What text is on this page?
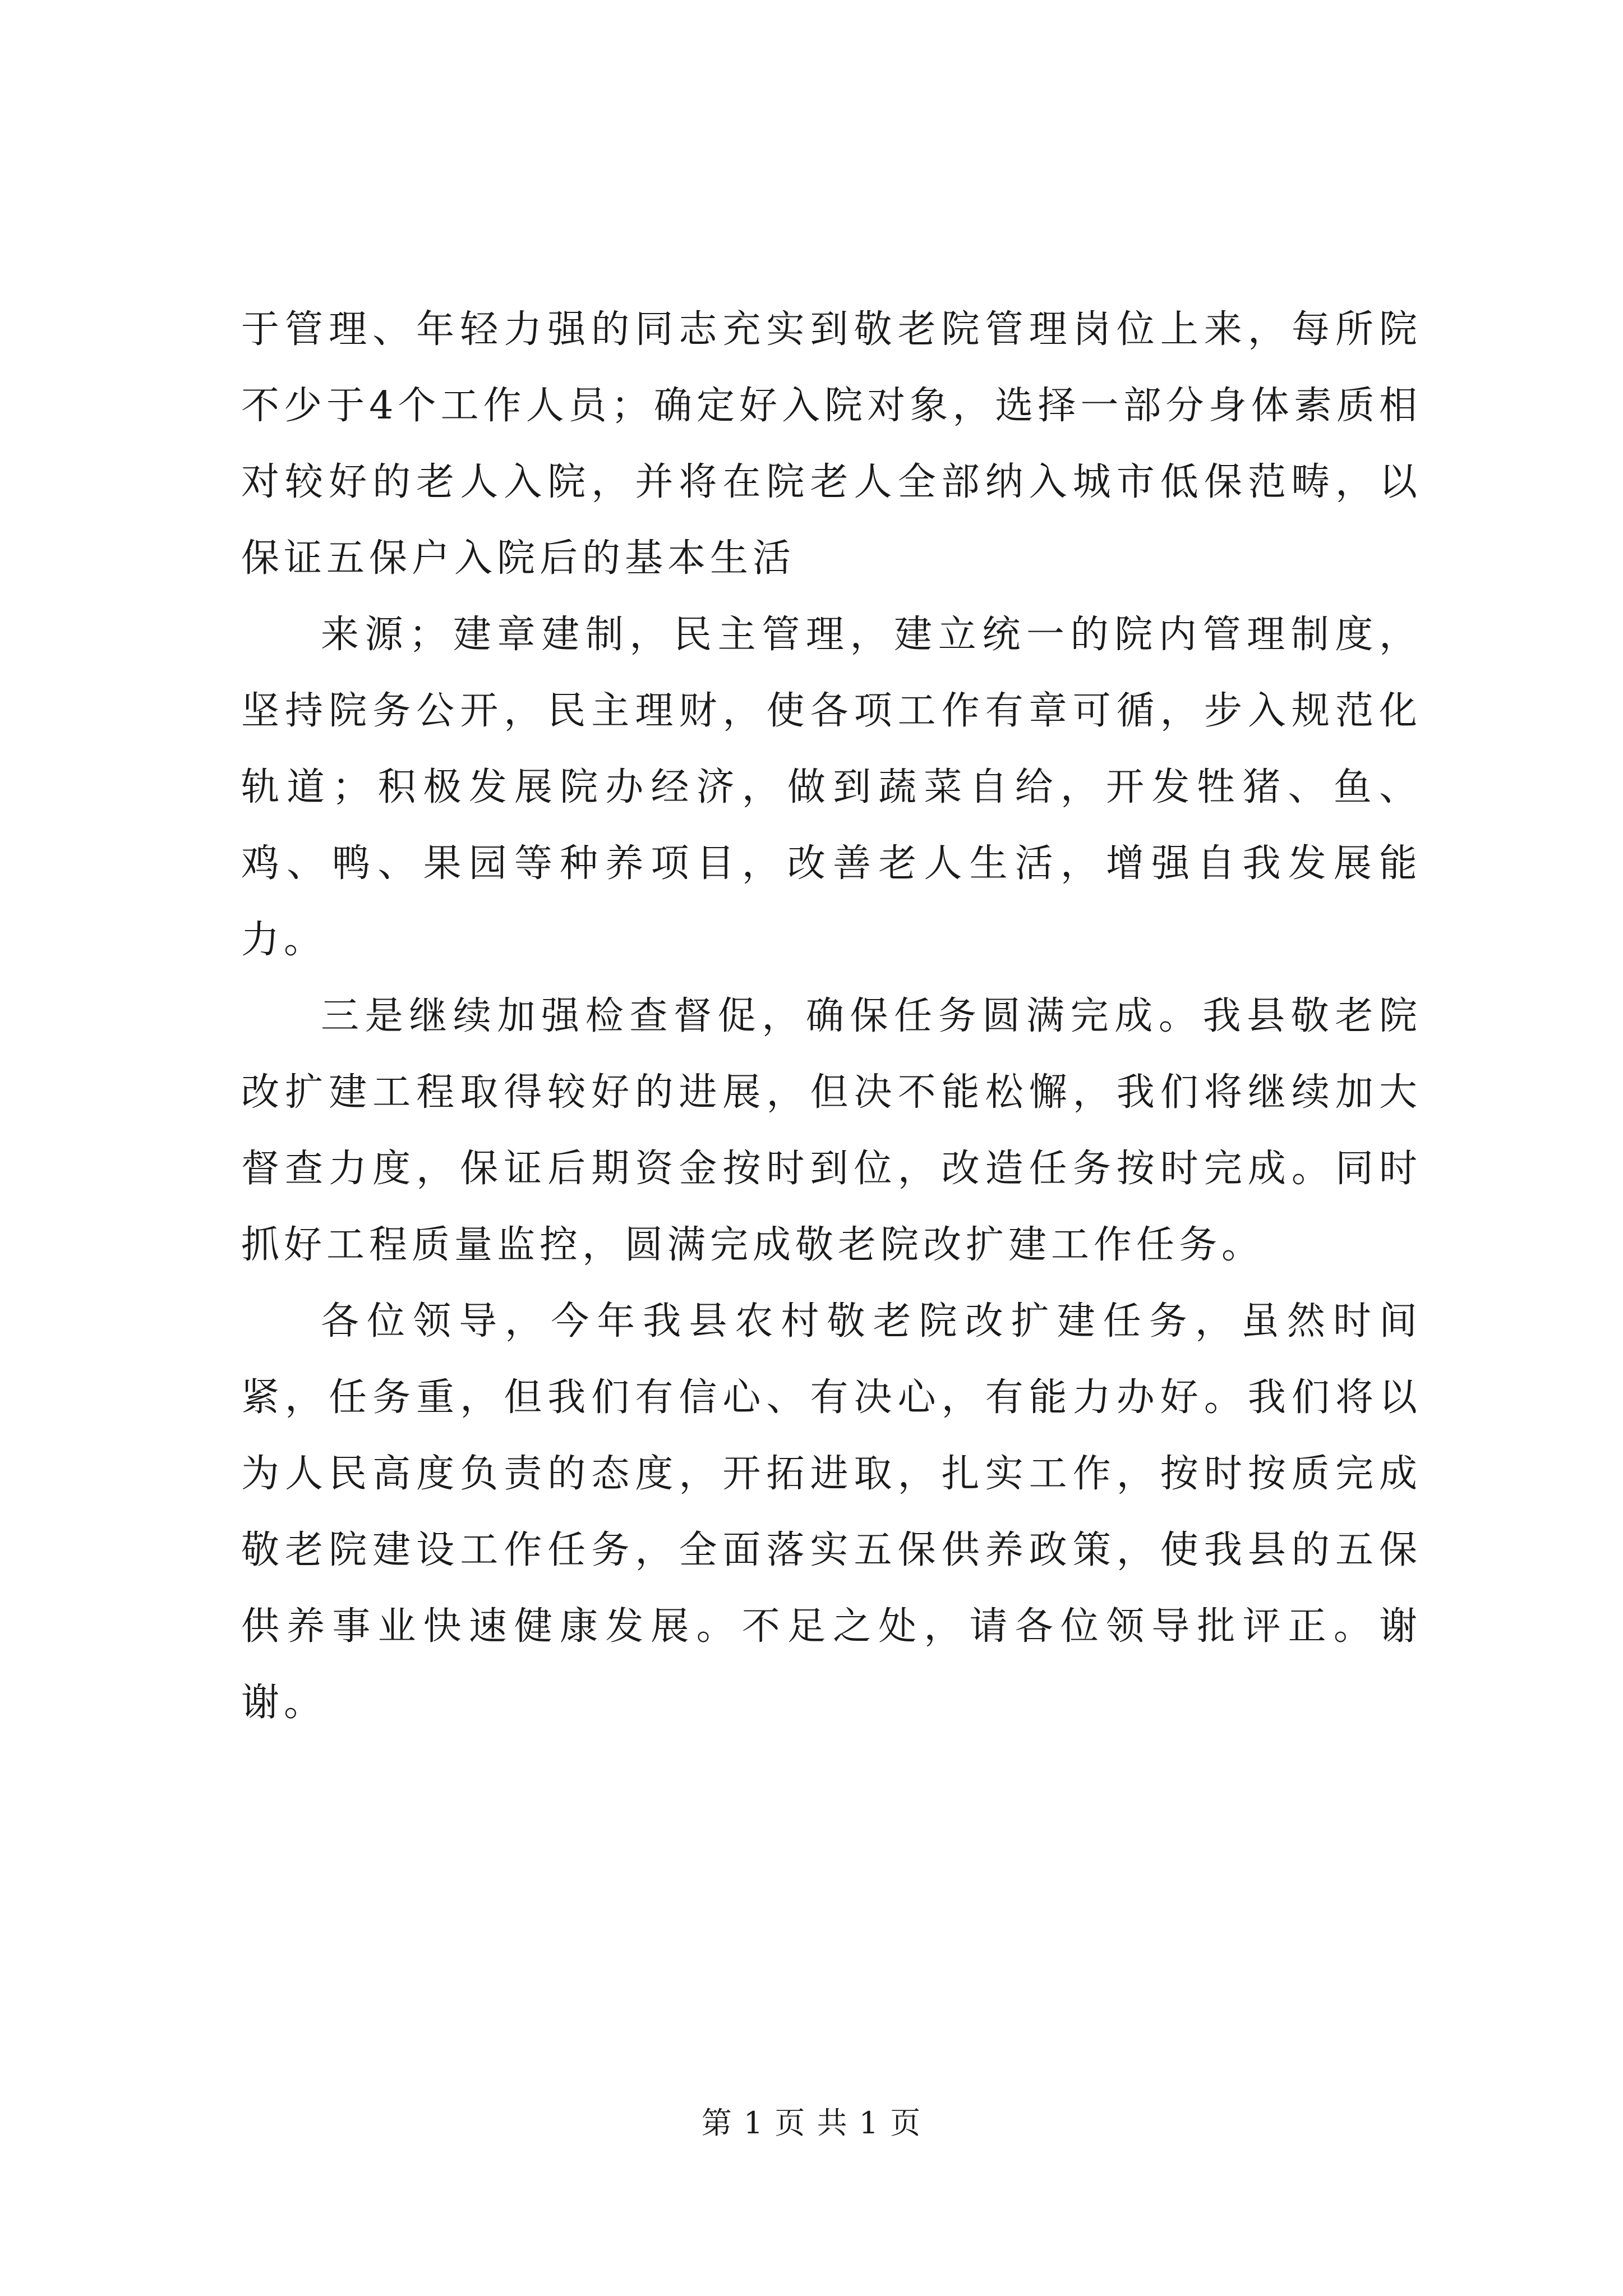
于管理、年轻力强的同志充实到敬老院管理岗位上来，每所院不少于4个工作人员；确定好入院对象，选择一部分身体素质相对较好的老人入院，并将在院老人全部纳入城市低保范畴，以保证五保户入院后的基本生活

来源；建章建制，民主管理，建立统一的院内管理制度，坚持院务公开，民主理财，使各项工作有章可循，步入规范化轨道；积极发展院办经济，做到蔬菜自给，开发牲猪、鱼、鸡、鸭、果园等种养项目，改善老人生活，增强自我发展能力。

三是继续加强检查督促，确保任务圆满完成。我县敬老院改扩建工程取得较好的进展，但决不能松懈，我们将继续加大督查力度，保证后期资金按时到位，改造任务按时完成。同时抓好工程质量监控，圆满完成敬老院改扩建工作任务。

各位领导，今年我县农村敬老院改扩建任务，虽然时间紧，任务重，但我们有信心、有决心，有能力办好。我们将以为人民高度负责的态度，开拓进取，扎实工作，按时按质完成敬老院建设工作任务，全面落实五保供养政策，使我县的五保供养事业快速健康发展。不足之处，请各位领导批评正。谢谢。

第 1 页 共 1 页
